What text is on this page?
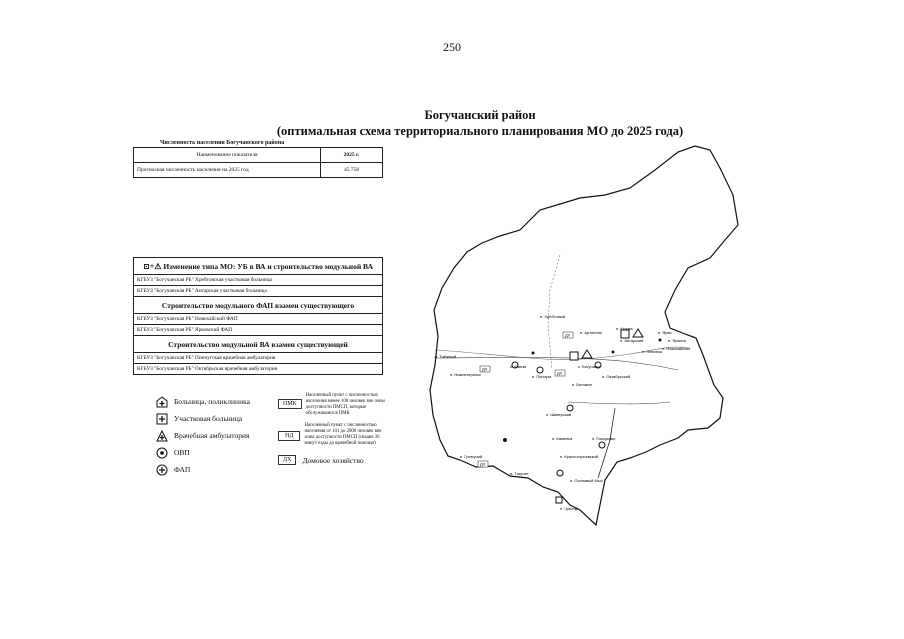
250
Богучанский район
(оптимальная схема территориального планирования МО до 2025 года)
Численность населения Богучанского района
Наименование показателя	2025 г.
Прогнозная численность населения на 2025 год	45 758
⊡+⚠ Изменение типа МО: УБ в ВА и строительство модульной ВА
КГБУЗ "Богучанская РБ" Хребтовская участковая больница
КГБУЗ "Богучанская РБ" Ангарская участковая больница
Строительство модульного ФАП взамен существующего
КГБУЗ "Богучанская РБ" Новохайский ФАП
КГБУЗ "Богучанская РБ" Ярковский ФАП
Строительство модульной ВА взамен существующей
КГБУЗ "Богучанская РБ" Пинчугская врачебная амбулатория
КГБУЗ "Богучанская РБ" Октябрьская врачебная амбулатория
Больница, поликлиника
Участковая больница
Врачебная амбулатория
ОВП
ФАП
ПМК
Населенный пункт с численностью населения менее 100 человек вне зоны доступности ПМСП, которые обслуживаются ПМК
НД
Населенный пункт с численностью населения от 101 до 2000 человек вне зоны доступности ПМСП (свыше 30 минут езды до врачебной помощи)
ДХ	Домовое хозяйство
п. Хребтовый
п. Артюгино
п. Ангарский
п. Таёжный
п. Манзя
п. Пинчуга
п. Невонка
с. Богучаны
п. Октябрьский
п. Говорково
п. Шиверский
п. Красногорьевский
п. Такучет
п. Чунояр
п. Осиновый Мыс
п. Гремучий
п. Новохайский
п. Яркино
п. Нижнетерянск
п. Каменка
п. Кежма
п. Ярки
п. Белякин
ДХ
ДХ
ДХ
ДХ
